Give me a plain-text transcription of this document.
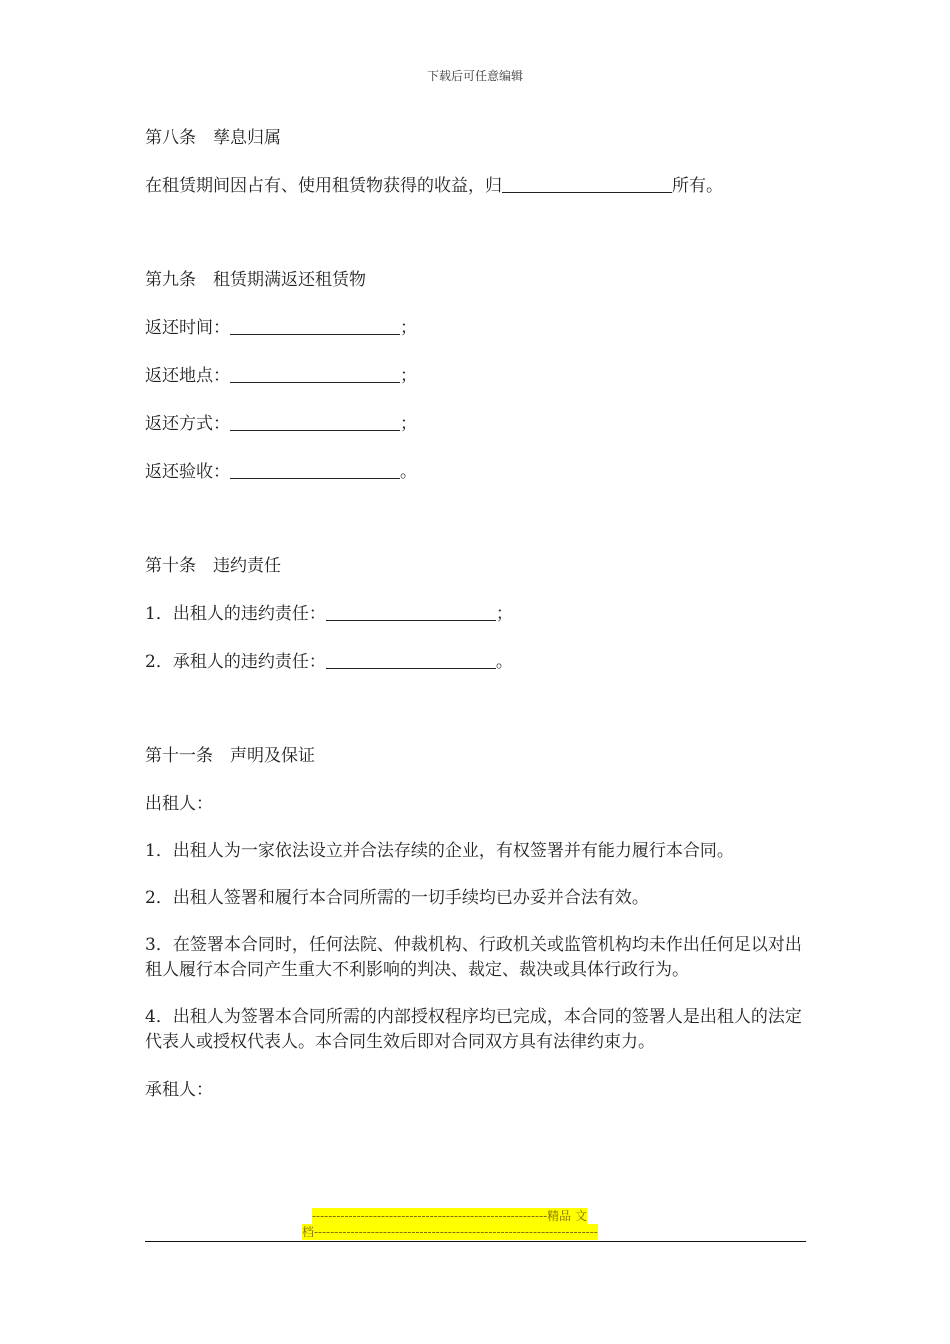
下载后可任意编辑
第八条　孳息归属
在租赁期间因占有、使用租赁物获得的收益，归	所有。
第九条　租赁期满返还租赁物
返还时间：	；
返还地点：	；
返还方式：	；
返还验收：	。
第十条　违约责任
1．出租人的违约责任：	；
2．承租人的违约责任：	。
第十一条　声明及保证
出租人：
1．出租人为一家依法设立并合法存续的企业，有权签署并有能力履行本合同。
2．出租人签署和履行本合同所需的一切手续均已办妥并合法有效。
3．在签署本合同时，任何法院、仲裁机构、行政机关或监管机构均未作出任何足以对出租人履行本合同产生重大不利影响的判决、裁定、裁决或具体行政行为。
4．出租人为签署本合同所需的内部授权程序均已完成，本合同的签署人是出租人的法定代表人或授权代表人。本合同生效后即对合同双方具有法律约束力。
承租人：
----------------------------------------------------------精品 文
档----------------------------------------------------------------------
